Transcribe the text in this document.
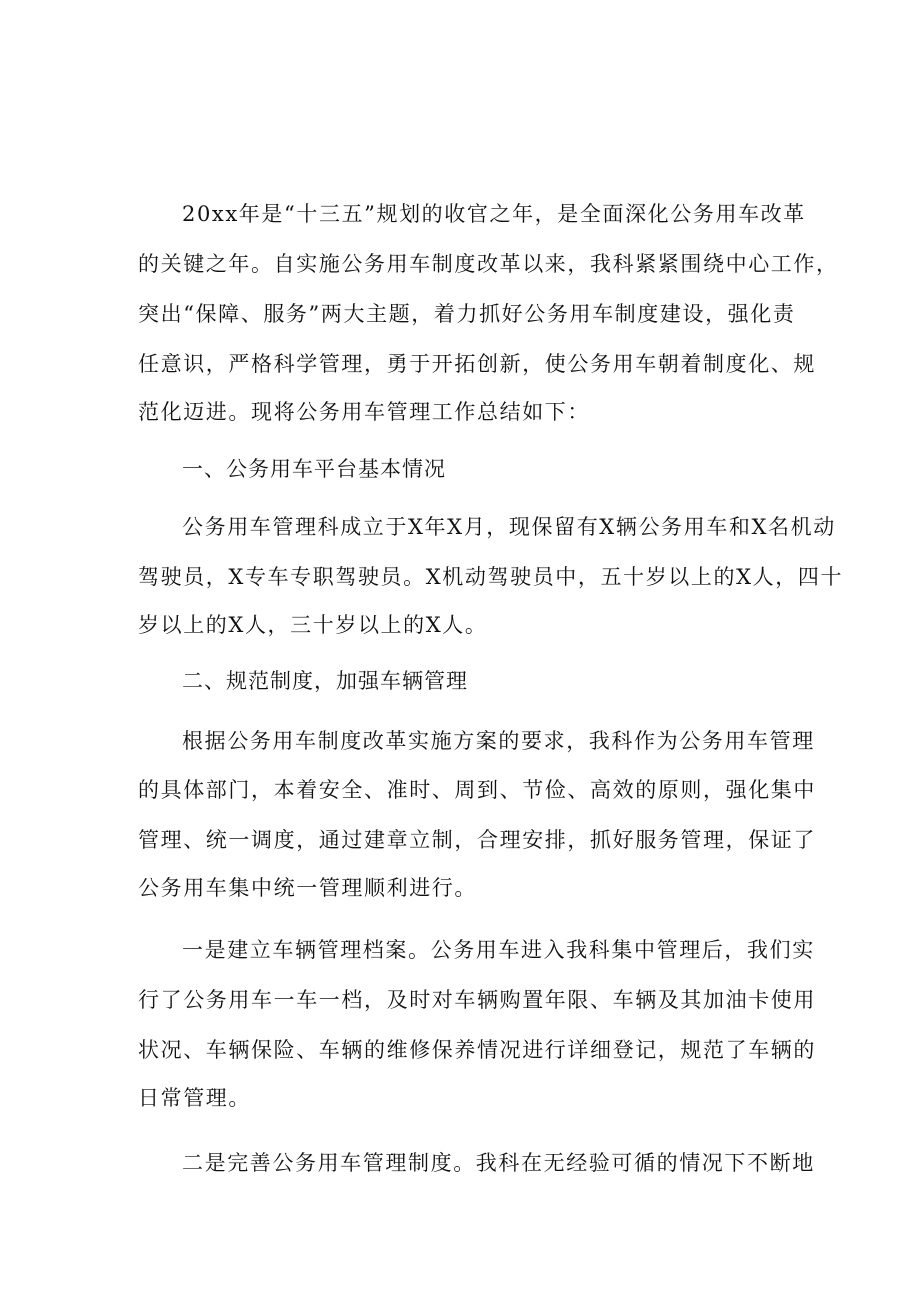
20xx年是“十三五”规划的收官之年，是全面深化公务用车改革
的关键之年。自实施公务用车制度改革以来，我科紧紧围绕中心工作，
突出“保障、服务”两大主题，着力抓好公务用车制度建设，强化责
任意识，严格科学管理，勇于开拓创新，使公务用车朝着制度化、规
范化迈进。现将公务用车管理工作总结如下：
一、公务用车平台基本情况
公务用车管理科成立于X年X月，现保留有X辆公务用车和X名机动
驾驶员，X专车专职驾驶员。X机动驾驶员中，五十岁以上的X人，四十
岁以上的X人，三十岁以上的X人。
二、规范制度，加强车辆管理
根据公务用车制度改革实施方案的要求，我科作为公务用车管理
的具体部门，本着安全、准时、周到、节俭、高效的原则，强化集中
管理、统一调度，通过建章立制，合理安排，抓好服务管理，保证了
公务用车集中统一管理顺利进行。
一是建立车辆管理档案。公务用车进入我科集中管理后，我们实
行了公务用车一车一档，及时对车辆购置年限、车辆及其加油卡使用
状况、车辆保险、车辆的维修保养情况进行详细登记，规范了车辆的
日常管理。
二是完善公务用车管理制度。我科在无经验可循的情况下不断地
